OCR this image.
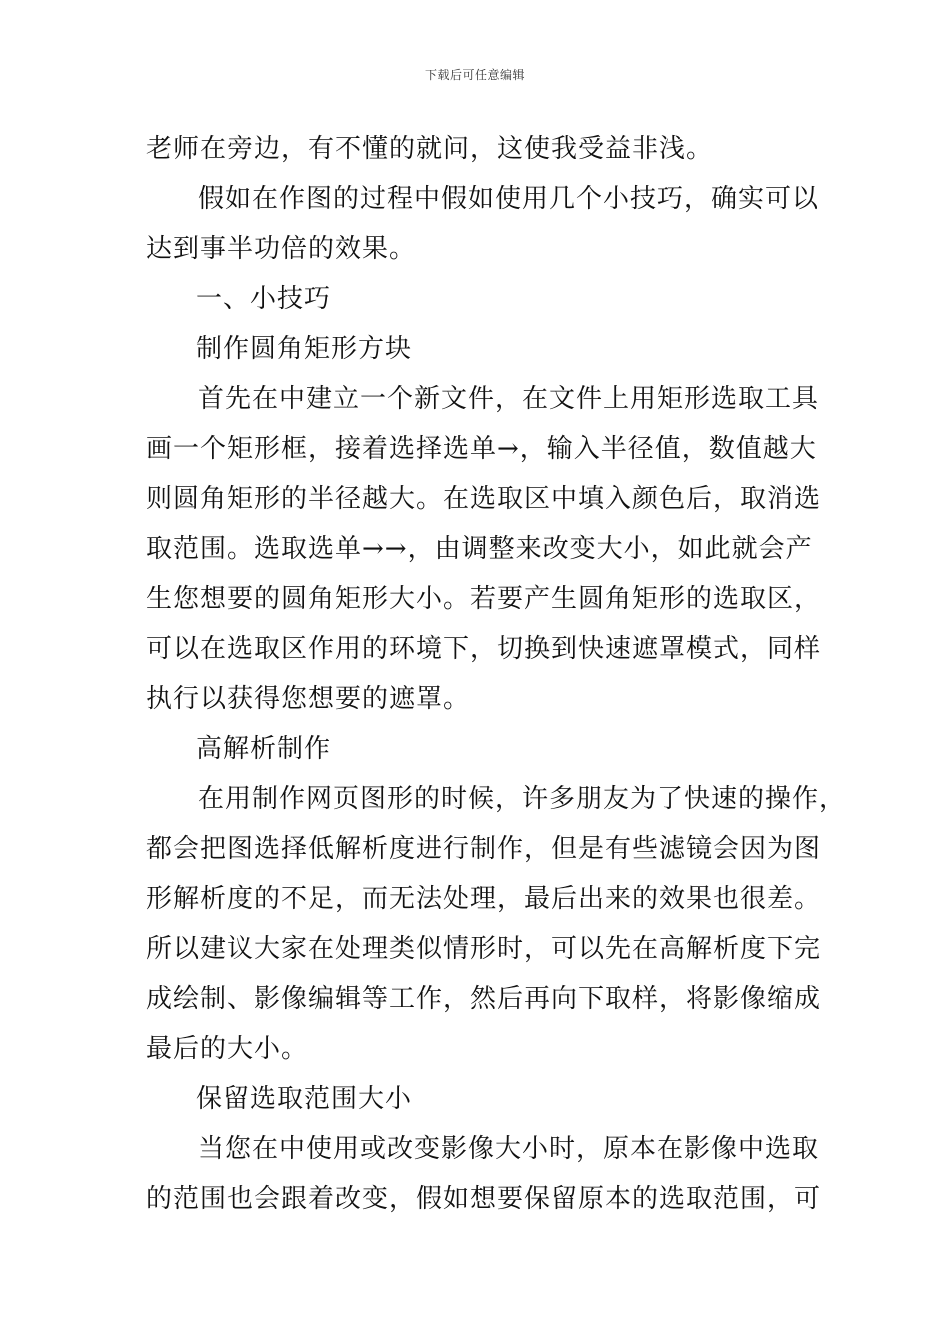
下载后可任意编辑
老师在旁边，有不懂的就问，这使我受益非浅。
假如在作图的过程中假如使用几个小技巧，确实可以
达到事半功倍的效果。
一、小技巧
制作圆角矩形方块
首先在中建立一个新文件，在文件上用矩形选取工具
画一个矩形框，接着选择选单→，输入半径值，数值越大
则圆角矩形的半径越大。在选取区中填入颜色后，取消选
取范围。选取选单→→，由调整来改变大小，如此就会产
生您想要的圆角矩形大小。若要产生圆角矩形的选取区，
可以在选取区作用的环境下，切换到快速遮罩模式，同样
执行以获得您想要的遮罩。
高解析制作
在用制作网页图形的时候，许多朋友为了快速的操作，
都会把图选择低解析度进行制作，但是有些滤镜会因为图
形解析度的不足，而无法处理，最后出来的效果也很差。
所以建议大家在处理类似情形时，可以先在高解析度下完
成绘制、影像编辑等工作，然后再向下取样，将影像缩成
最后的大小。
保留选取范围大小
当您在中使用或改变影像大小时，原本在影像中选取
的范围也会跟着改变，假如想要保留原本的选取范围，可
